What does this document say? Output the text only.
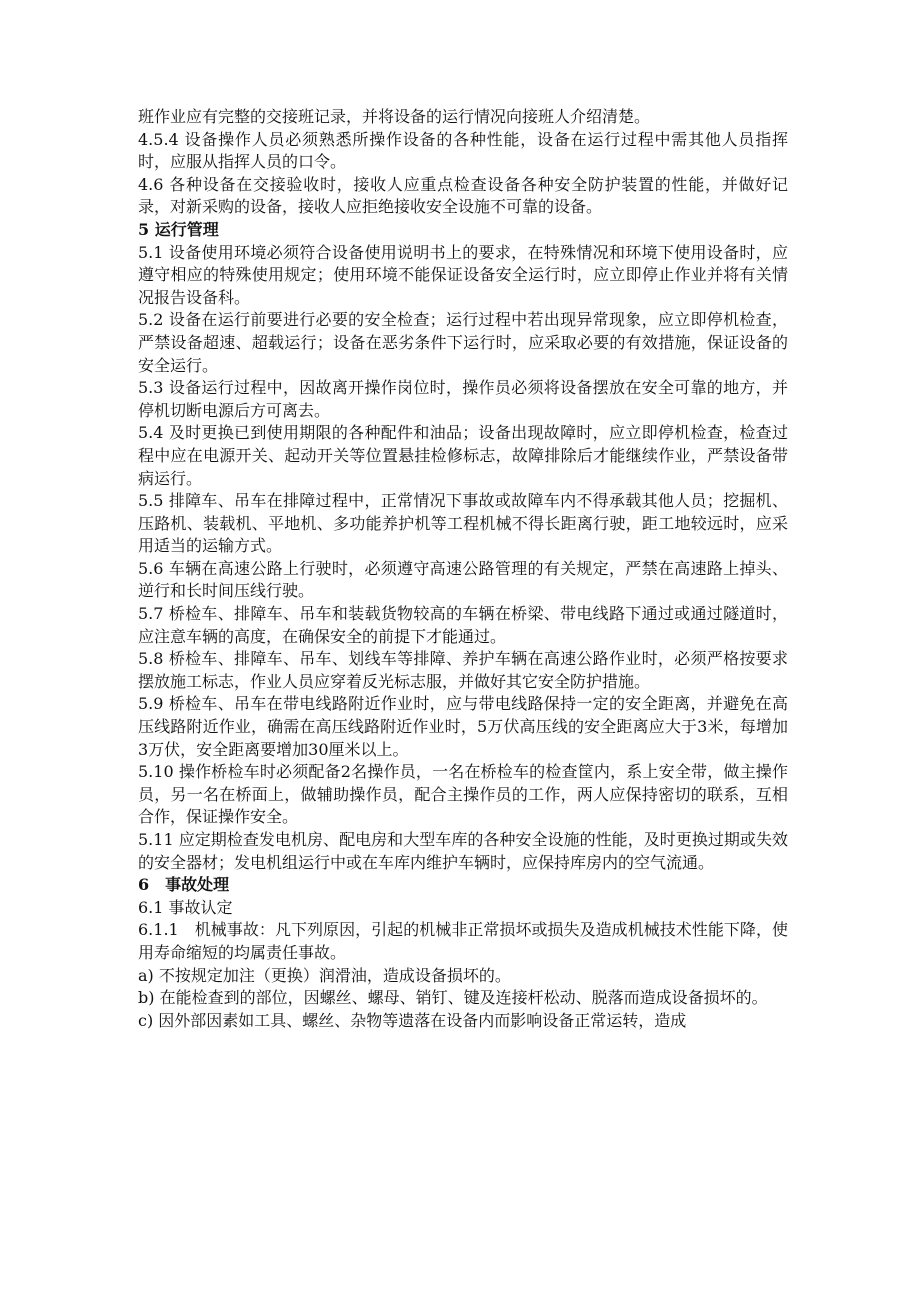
班作业应有完整的交接班记录，并将设备的运行情况向接班人介绍清楚。

4.5.4 设备操作人员必须熟悉所操作设备的各种性能，设备在运行过程中需其他人员指挥时，应服从指挥人员的口令。

4.6 各种设备在交接验收时，接收人应重点检查设备各种安全防护装置的性能，并做好记录，对新采购的设备，接收人应拒绝接收安全设施不可靠的设备。

5 运行管理

5.1 设备使用环境必须符合设备使用说明书上的要求，在特殊情况和环境下使用设备时，应遵守相应的特殊使用规定；使用环境不能保证设备安全运行时，应立即停止作业并将有关情况报告设备科。

5.2 设备在运行前要进行必要的安全检查；运行过程中若出现异常现象，应立即停机检查，严禁设备超速、超载运行；设备在恶劣条件下运行时，应采取必要的有效措施，保证设备的安全运行。

5.3 设备运行过程中，因故离开操作岗位时，操作员必须将设备摆放在安全可靠的地方，并停机切断电源后方可离去。

5.4 及时更换已到使用期限的各种配件和油品；设备出现故障时，应立即停机检查，检查过程中应在电源开关、起动开关等位置悬挂检修标志，故障排除后才能继续作业，严禁设备带病运行。

5.5 排障车、吊车在排障过程中，正常情况下事故或故障车内不得承载其他人员；挖掘机、压路机、装载机、平地机、多功能养护机等工程机械不得长距离行驶，距工地较远时，应采用适当的运输方式。

5.6 车辆在高速公路上行驶时，必须遵守高速公路管理的有关规定，严禁在高速路上掉头、逆行和长时间压线行驶。

5.7 桥检车、排障车、吊车和装载货物较高的车辆在桥梁、带电线路下通过或通过隧道时，应注意车辆的高度，在确保安全的前提下才能通过。

5.8 桥检车、排障车、吊车、划线车等排障、养护车辆在高速公路作业时，必须严格按要求摆放施工标志，作业人员应穿着反光标志服，并做好其它安全防护措施。

5.9 桥检车、吊车在带电线路附近作业时，应与带电线路保持一定的安全距离，并避免在高压线路附近作业，确需在高压线路附近作业时，5万伏高压线的安全距离应大于3米，每增加3万伏，安全距离要增加30厘米以上。

5.10 操作桥检车时必须配备2名操作员，一名在桥检车的检查筐内，系上安全带，做主操作员，另一名在桥面上，做辅助操作员，配合主操作员的工作，两人应保持密切的联系，互相合作，保证操作安全。

5.11 应定期检查发电机房、配电房和大型车库的各种安全设施的性能，及时更换过期或失效的安全器材；发电机组运行中或在车库内维护车辆时，应保持库房内的空气流通。

6　事故处理

6.1 事故认定

6.1.1　机械事故：凡下列原因，引起的机械非正常损坏或损失及造成机械技术性能下降，使用寿命缩短的均属责任事故。

a) 不按规定加注（更换）润滑油，造成设备损坏的。

b) 在能检查到的部位，因螺丝、螺母、销钉、键及连接杆松动、脱落而造成设备损坏的。

c) 因外部因素如工具、螺丝、杂物等遗落在设备内而影响设备正常运转，造成
